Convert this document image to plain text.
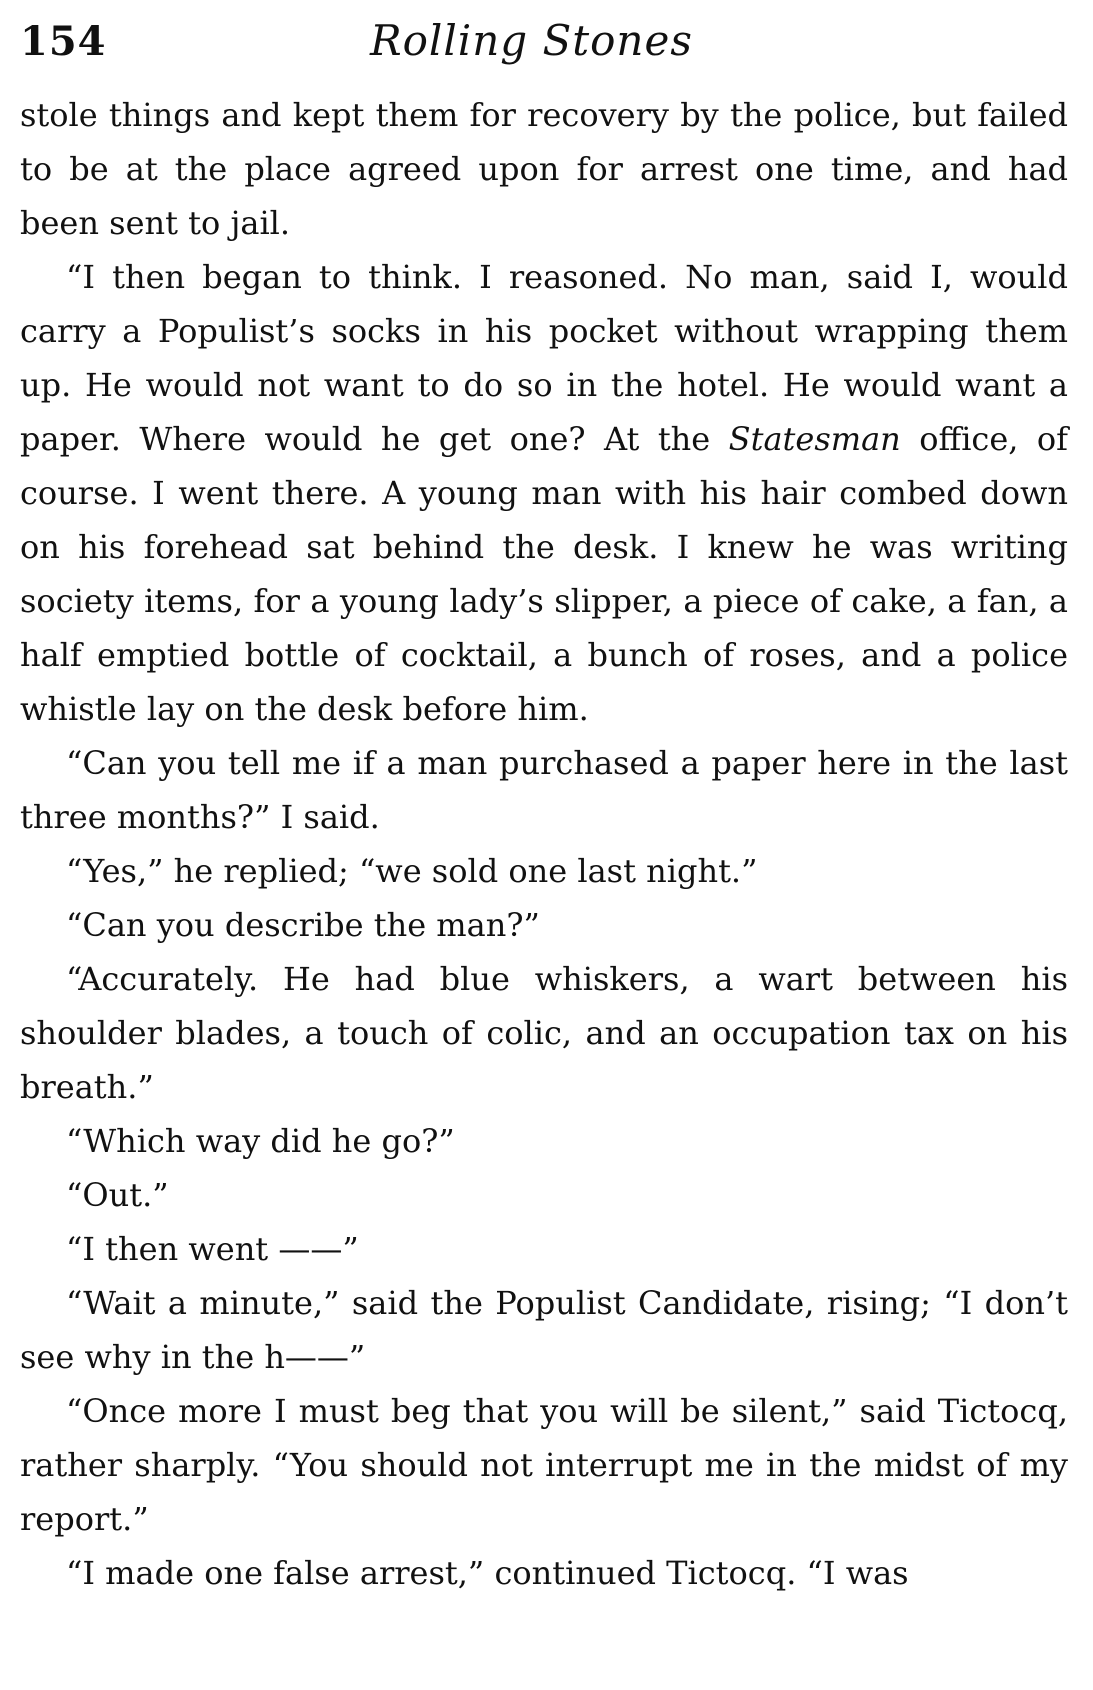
154	Rolling Stones

stole things and kept them for recovery by the police, but failed to be at the place agreed upon for arrest one time, and had been sent to jail.

“I then began to think. I reasoned. No man, said I, would carry a Populist’s socks in his pocket without wrapping them up. He would not want to do so in the hotel. He would want a paper. Where would he get one? At the Statesman office, of course. I went there. A young man with his hair combed down on his forehead sat behind the desk. I knew he was writing society items, for a young lady’s slipper, a piece of cake, a fan, a half emptied bottle of cocktail, a bunch of roses, and a police whistle lay on the desk before him.

“Can you tell me if a man purchased a paper here in the last three months?” I said.

“Yes,” he replied; “we sold one last night.”

“Can you describe the man?”

“Accurately. He had blue whiskers, a wart between his shoulder blades, a touch of colic, and an occupation tax on his breath.”

“Which way did he go?”

“Out.”

“I then went ——”

“Wait a minute,” said the Populist Candidate, rising; “I don’t see why in the h——”

“Once more I must beg that you will be silent,” said Tictocq, rather sharply. “You should not interrupt me in the midst of my report.”

“I made one false arrest,” continued Tictocq. “I was
